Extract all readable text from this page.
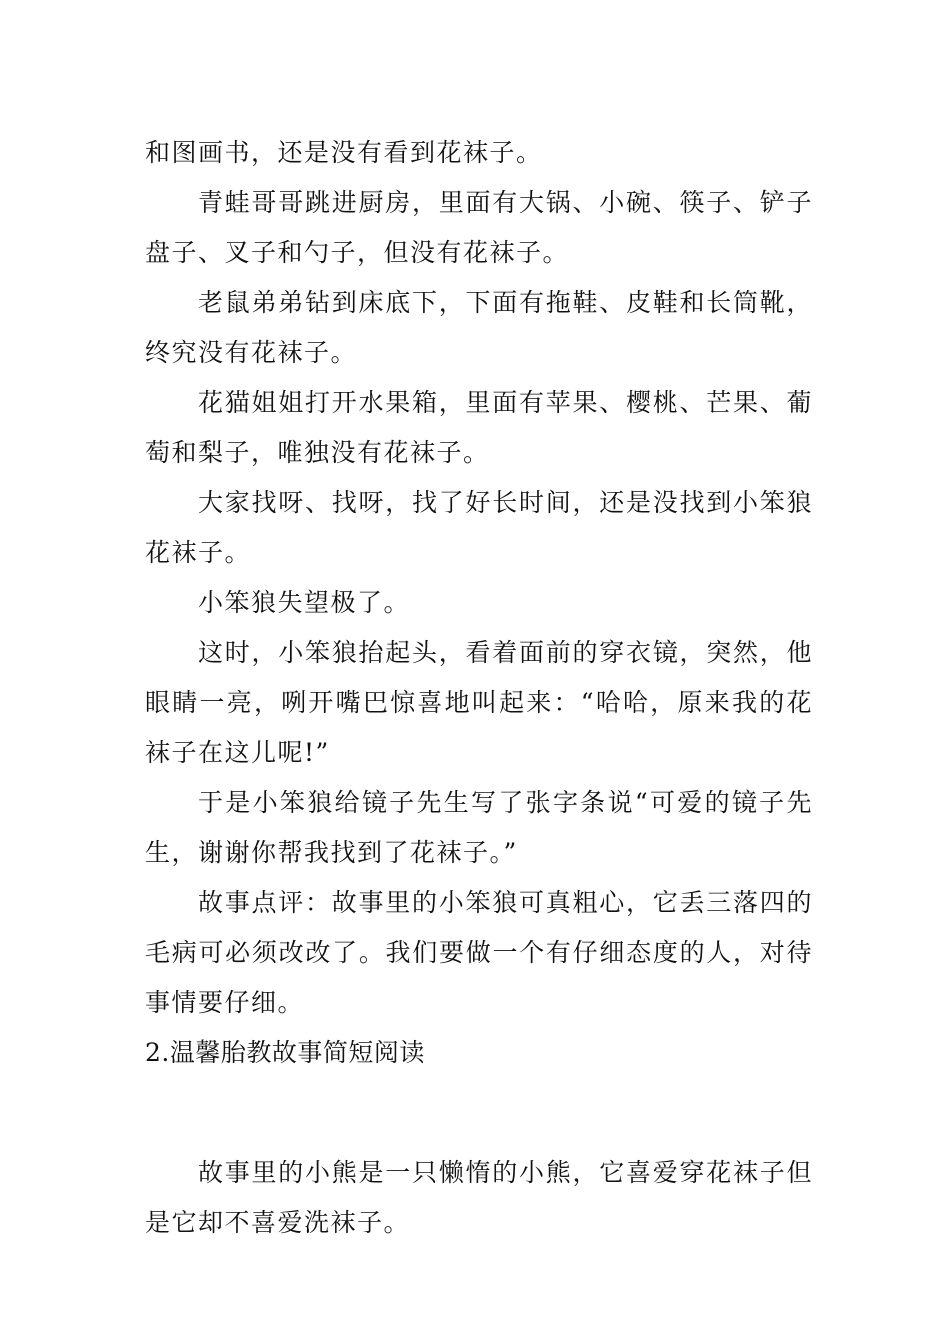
和图画书，还是没有看到花袜子。

青蛙哥哥跳进厨房，里面有大锅、小碗、筷子、铲子盘子、叉子和勺子，但没有花袜子。

老鼠弟弟钻到床底下，下面有拖鞋、皮鞋和长筒靴，终究没有花袜子。

花猫姐姐打开水果箱，里面有苹果、樱桃、芒果、葡萄和梨子，唯独没有花袜子。

大家找呀、找呀，找了好长时间，还是没找到小笨狼花袜子。

小笨狼失望极了。

这时，小笨狼抬起头，看着面前的穿衣镜，突然，他眼睛一亮，咧开嘴巴惊喜地叫起来：“哈哈，原来我的花袜子在这儿呢!”

于是小笨狼给镜子先生写了张字条说“可爱的镜子先生，谢谢你帮我找到了花袜子。”

故事点评：故事里的小笨狼可真粗心，它丢三落四的毛病可必须改改了。我们要做一个有仔细态度的人，对待事情要仔细。

2.温馨胎教故事简短阅读

故事里的小熊是一只懒惰的小熊，它喜爱穿花袜子但是它却不喜爱洗袜子。
